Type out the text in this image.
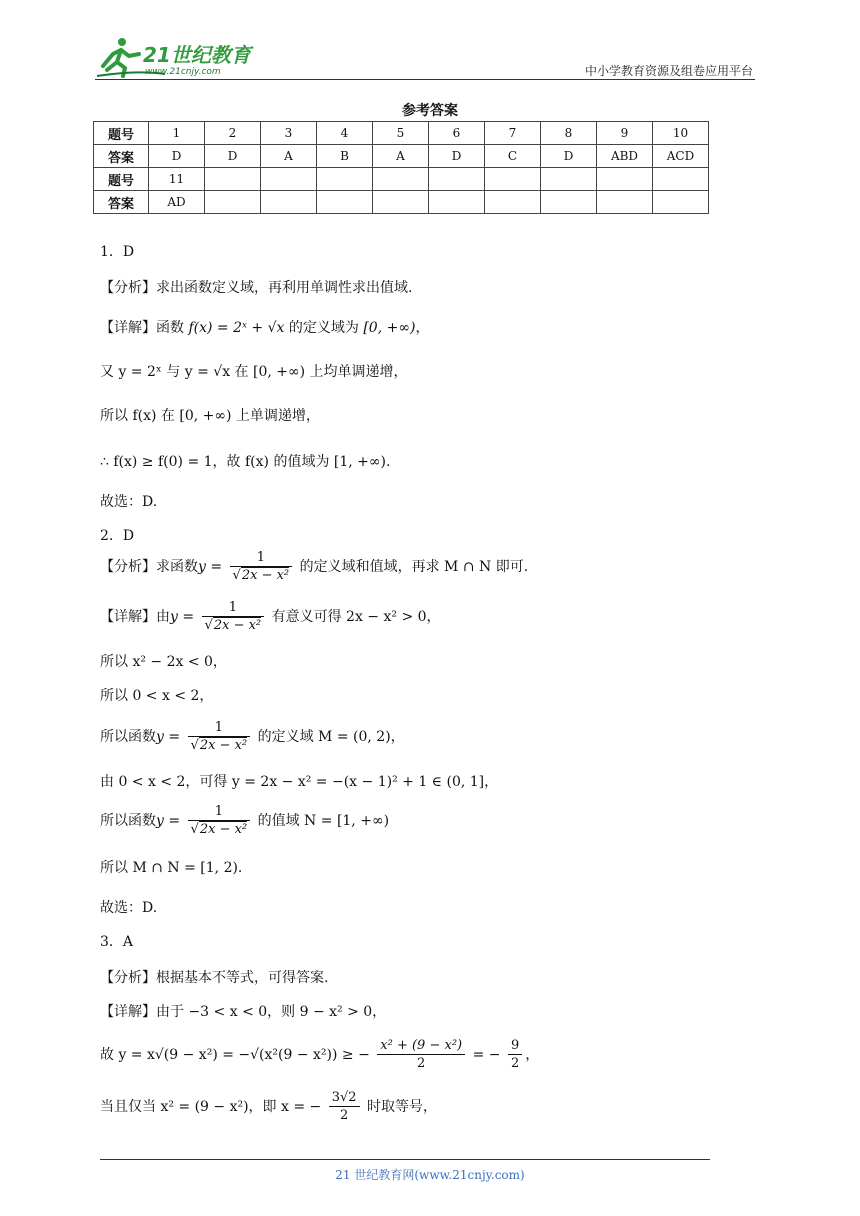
21世纪教育
www.21cnjy.com	中小学教育资源及组卷应用平台
参考答案
题号	1	2	3	4	5	6	7	8	9	10
答案	D	D	A	B	A	D	C	D	ABD	ACD
题号	11									
答案	AD									

1．D

【分析】求出函数定义域，再利用单调性求出值域.

【详解】函数 f(x) = 2ˣ + √x 的定义域为 [0, +∞)，

又 y = 2ˣ 与 y = √x 在 [0, +∞) 上均单调递增，

所以 f(x) 在 [0, +∞) 上单调递增，

∴ f(x) ≥ f(0) = 1，故 f(x) 的值域为 [1, +∞).

故选：D.

2．D

【分析】求函数$y = \frac{1}{\text{√2x − x²}}$ 的定义域和值域，再求 M ∩ N 即可.

【详解】由$y = \frac{1}{\text{√2x − x²}}$ 有意义可得 2x − x² > 0，

所以 x² − 2x < 0，

所以 0 < x < 2，

所以函数$y = \frac{1}{\text{√2x − x²}}$ 的定义域 M = (0, 2)，

由 0 < x < 2，可得 y = 2x − x² = −(x − 1)² + 1 ∈ (0, 1]，

所以函数$y = \frac{1}{\text{√2x − x²}}$ 的值域 N = [1, +∞)

所以 M ∩ N = [1, 2).

故选：D.

3．A

【分析】根据基本不等式，可得答案.

【详解】由于 −3 < x < 0，则 9 − x² > 0，

故 y = x√(9 − x²) = −√(x²(9 − x²)) ≥ − $\frac{\text{x² + (9 − x²)}}{2}$ = − $\frac{9}{2}$ ，

当且仅当 x² = (9 − x²)，即 x = − $\frac{3√2}{2}$ 时取等号，

21 世纪教育网(www.21cnjy.com)
